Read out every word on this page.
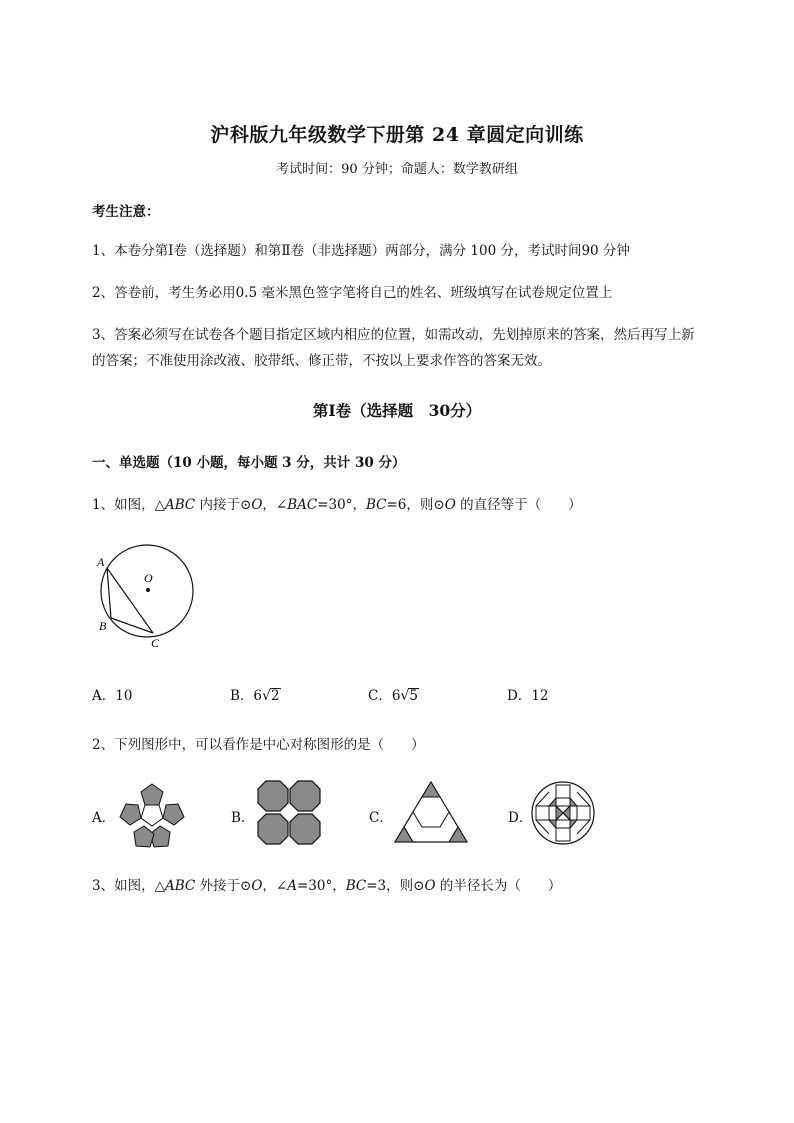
沪科版九年级数学下册第 24 章圆定向训练
考试时间：90 分钟；命题人：数学教研组
考生注意：
1、本卷分第Ⅰ卷（选择题）和第Ⅱ卷（非选择题）两部分，满分 100 分，考试时间90 分钟
2、答卷前，考生务必用0.5 毫米黑色签字笔将自己的姓名、班级填写在试卷规定位置上
3、答案必须写在试卷各个题目指定区域内相应的位置，如需改动，先划掉原来的答案，然后再写上新
的答案；不准使用涂改液、胶带纸、修正带，不按以上要求作答的答案无效。
第Ⅰ卷（选择题　30分）
一、单选题（10 小题，每小题 3 分，共计 30 分）
1、如图，△ABC 内接于⊙O，∠BAC=30°，BC=6，则⊙O 的直径等于（　　）
A
B
C
O
A．10	B．6√2	C．6√5	D．12
2、下列图形中，可以看作是中心对称图形的是（　　）
A．	B．	C．	D．
3、如图，△ABC 外接于⊙O，∠A=30°，BC=3，则⊙O 的半径长为（　　）
